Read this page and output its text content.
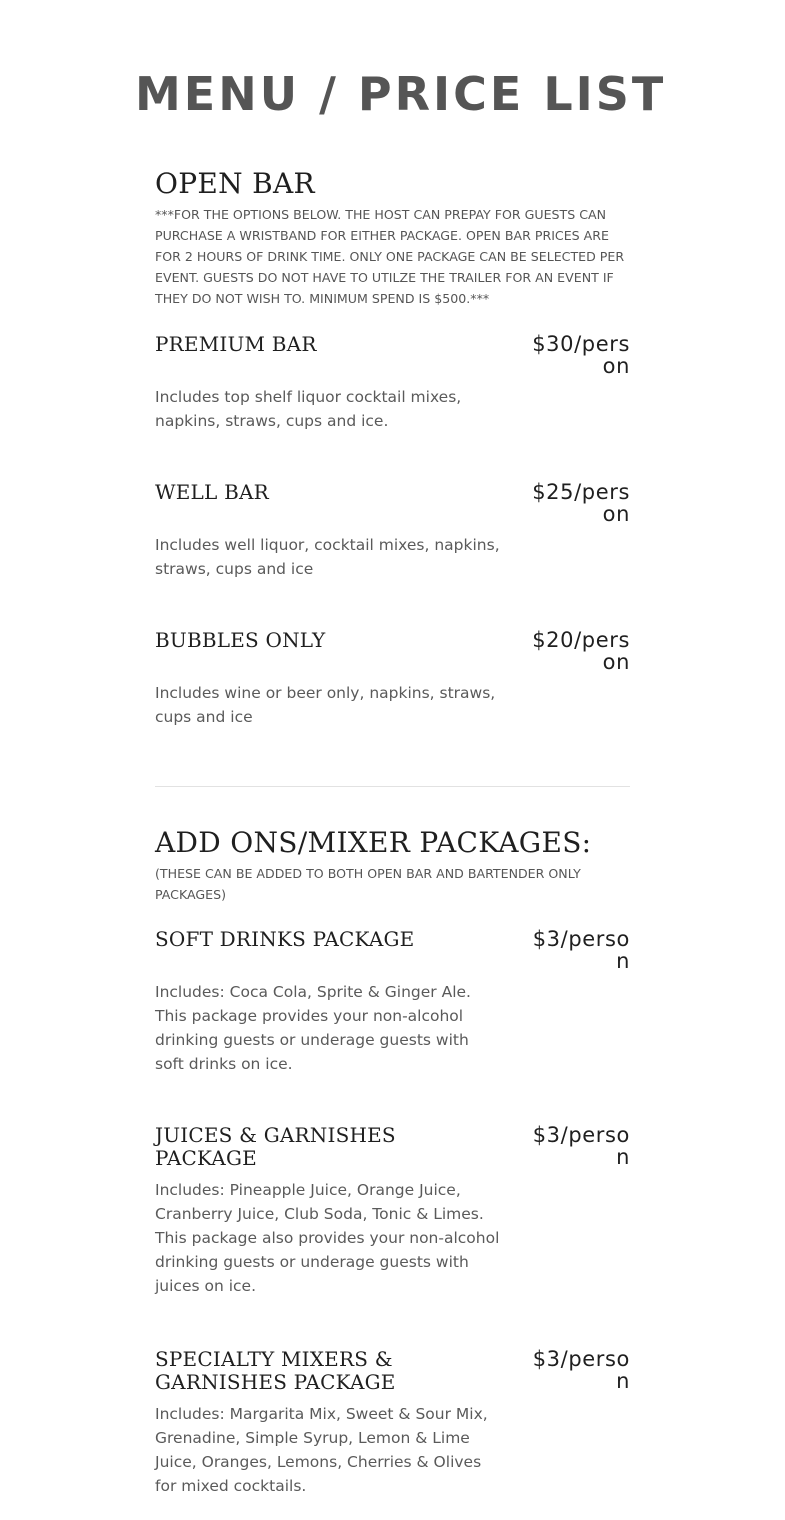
MENU / PRICE LIST
OPEN BAR
***FOR THE OPTIONS BELOW. THE HOST CAN PREPAY FOR GUESTS CAN PURCHASE A WRISTBAND FOR EITHER PACKAGE. OPEN BAR PRICES ARE FOR 2 HOURS OF DRINK TIME. ONLY ONE PACKAGE CAN BE SELECTED PER EVENT. GUESTS DO NOT HAVE TO UTILZE THE TRAILER FOR AN EVENT IF THEY DO NOT WISH TO. MINIMUM SPEND IS $500.***
PREMIUM BAR	$30/person
Includes top shelf liquor cocktail mixes, napkins, straws, cups and ice.
WELL BAR	$25/person
Includes well liquor, cocktail mixes, napkins, straws, cups and ice
BUBBLES ONLY	$20/person
Includes wine or beer only, napkins, straws, cups and ice
ADD ONS/MIXER PACKAGES:
(THESE CAN BE ADDED TO BOTH OPEN BAR AND BARTENDER ONLY PACKAGES)
SOFT DRINKS PACKAGE	$3/person
Includes: Coca Cola, Sprite & Ginger Ale. This package provides your non-alcohol drinking guests or underage guests with soft drinks on ice.
JUICES & GARNISHES PACKAGE
$3/person
Includes: Pineapple Juice, Orange Juice, Cranberry Juice, Club Soda, Tonic & Limes. This package also provides your non-alcohol drinking guests or underage guests with juices on ice.
SPECIALTY MIXERS & GARNISHES PACKAGE
$3/person
Includes: Margarita Mix, Sweet & Sour Mix, Grenadine, Simple Syrup, Lemon & Lime Juice, Oranges, Lemons, Cherries & Olives for mixed cocktails.
